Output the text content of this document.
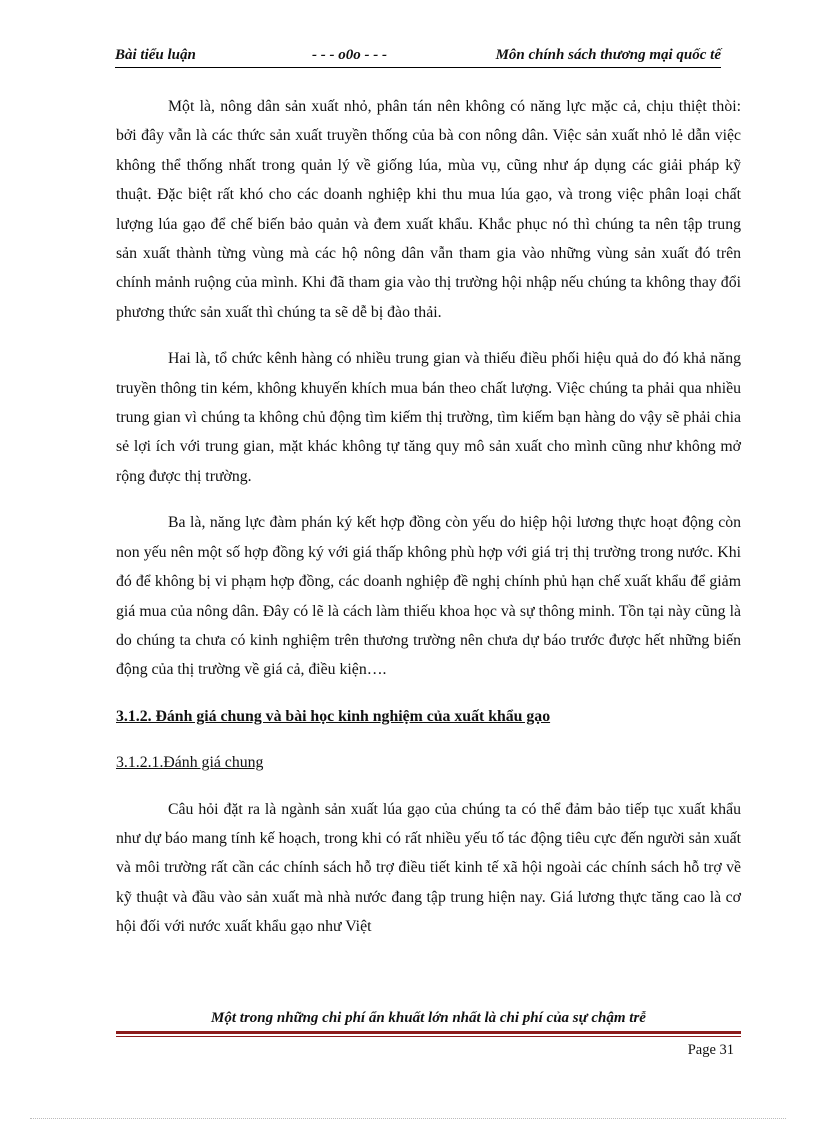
Bài tiểu luận	- - - o0o - - -	Môn chính sách thương mại quốc tế

Một là, nông dân sản xuất nhỏ, phân tán nên không có năng lực mặc cả, chịu thiệt thòi: bởi đây vẫn là các thức sản xuất truyền thống của bà con nông dân. Việc sản xuất nhỏ lẻ dẫn việc không thể thống nhất trong quản lý về giống lúa, mùa vụ, cũng như áp dụng các giải pháp kỹ thuật. Đặc biệt rất khó cho các doanh nghiệp khi thu mua lúa gạo, và trong việc phân loại chất lượng lúa gạo để chế biến bảo quản và đem xuất khẩu. Khắc phục nó thì chúng ta nên tập trung sản xuất thành từng vùng mà các hộ nông dân vẫn tham gia vào những vùng sản xuất đó trên chính mảnh ruộng của mình. Khi đã tham gia vào thị trường hội nhập nếu chúng ta không thay đổi phương thức sản xuất thì chúng ta sẽ dễ bị đào thải.

Hai là, tổ chức kênh hàng có nhiều trung gian và thiếu điều phối hiệu quả do đó khả năng truyền thông tin kém, không khuyến khích mua bán theo chất lượng. Việc chúng ta phải qua nhiều trung gian vì chúng ta không chủ động tìm kiếm thị trường, tìm kiếm bạn hàng do vậy sẽ phải chia sẻ lợi ích với trung gian, mặt khác không tự tăng quy mô sản xuất cho mình cũng như không mở rộng được thị trường.

Ba là, năng lực đàm phán ký kết hợp đồng còn yếu do hiệp hội lương thực hoạt động còn non yếu nên một số hợp đồng ký với giá thấp không phù hợp với giá trị thị trường trong nước. Khi đó để không bị vi phạm hợp đồng, các doanh nghiệp đề nghị chính phủ hạn chế xuất khẩu để giảm giá mua của nông dân. Đây có lẽ là cách làm thiếu khoa học và sự thông minh. Tồn tại này cũng là do chúng ta chưa có kinh nghiệm trên thương trường nên chưa dự báo trước được hết những biến động của thị trường về giá cả, điều kiện….

3.1.2. Đánh giá chung và bài học kinh nghiệm của xuất khẩu gạo

3.1.2.1.Đánh giá chung

Câu hỏi đặt ra là ngành sản xuất lúa gạo của chúng ta có thể đảm bảo tiếp tục xuất khẩu như dự báo mang tính kế hoạch, trong khi có rất nhiều yếu tố tác động tiêu cực đến người sản xuất và môi trường rất cần các chính sách hỗ trợ điều tiết kinh tế xã hội ngoài các chính sách hỗ trợ về kỹ thuật và đầu vào sản xuất mà nhà nước đang tập trung hiện nay. Giá lương thực tăng cao là cơ hội đối với nước xuất khẩu gạo như Việt

Một trong những chi phí ẩn khuất lớn nhất là chi phí của sự chậm trễ
Page 31
